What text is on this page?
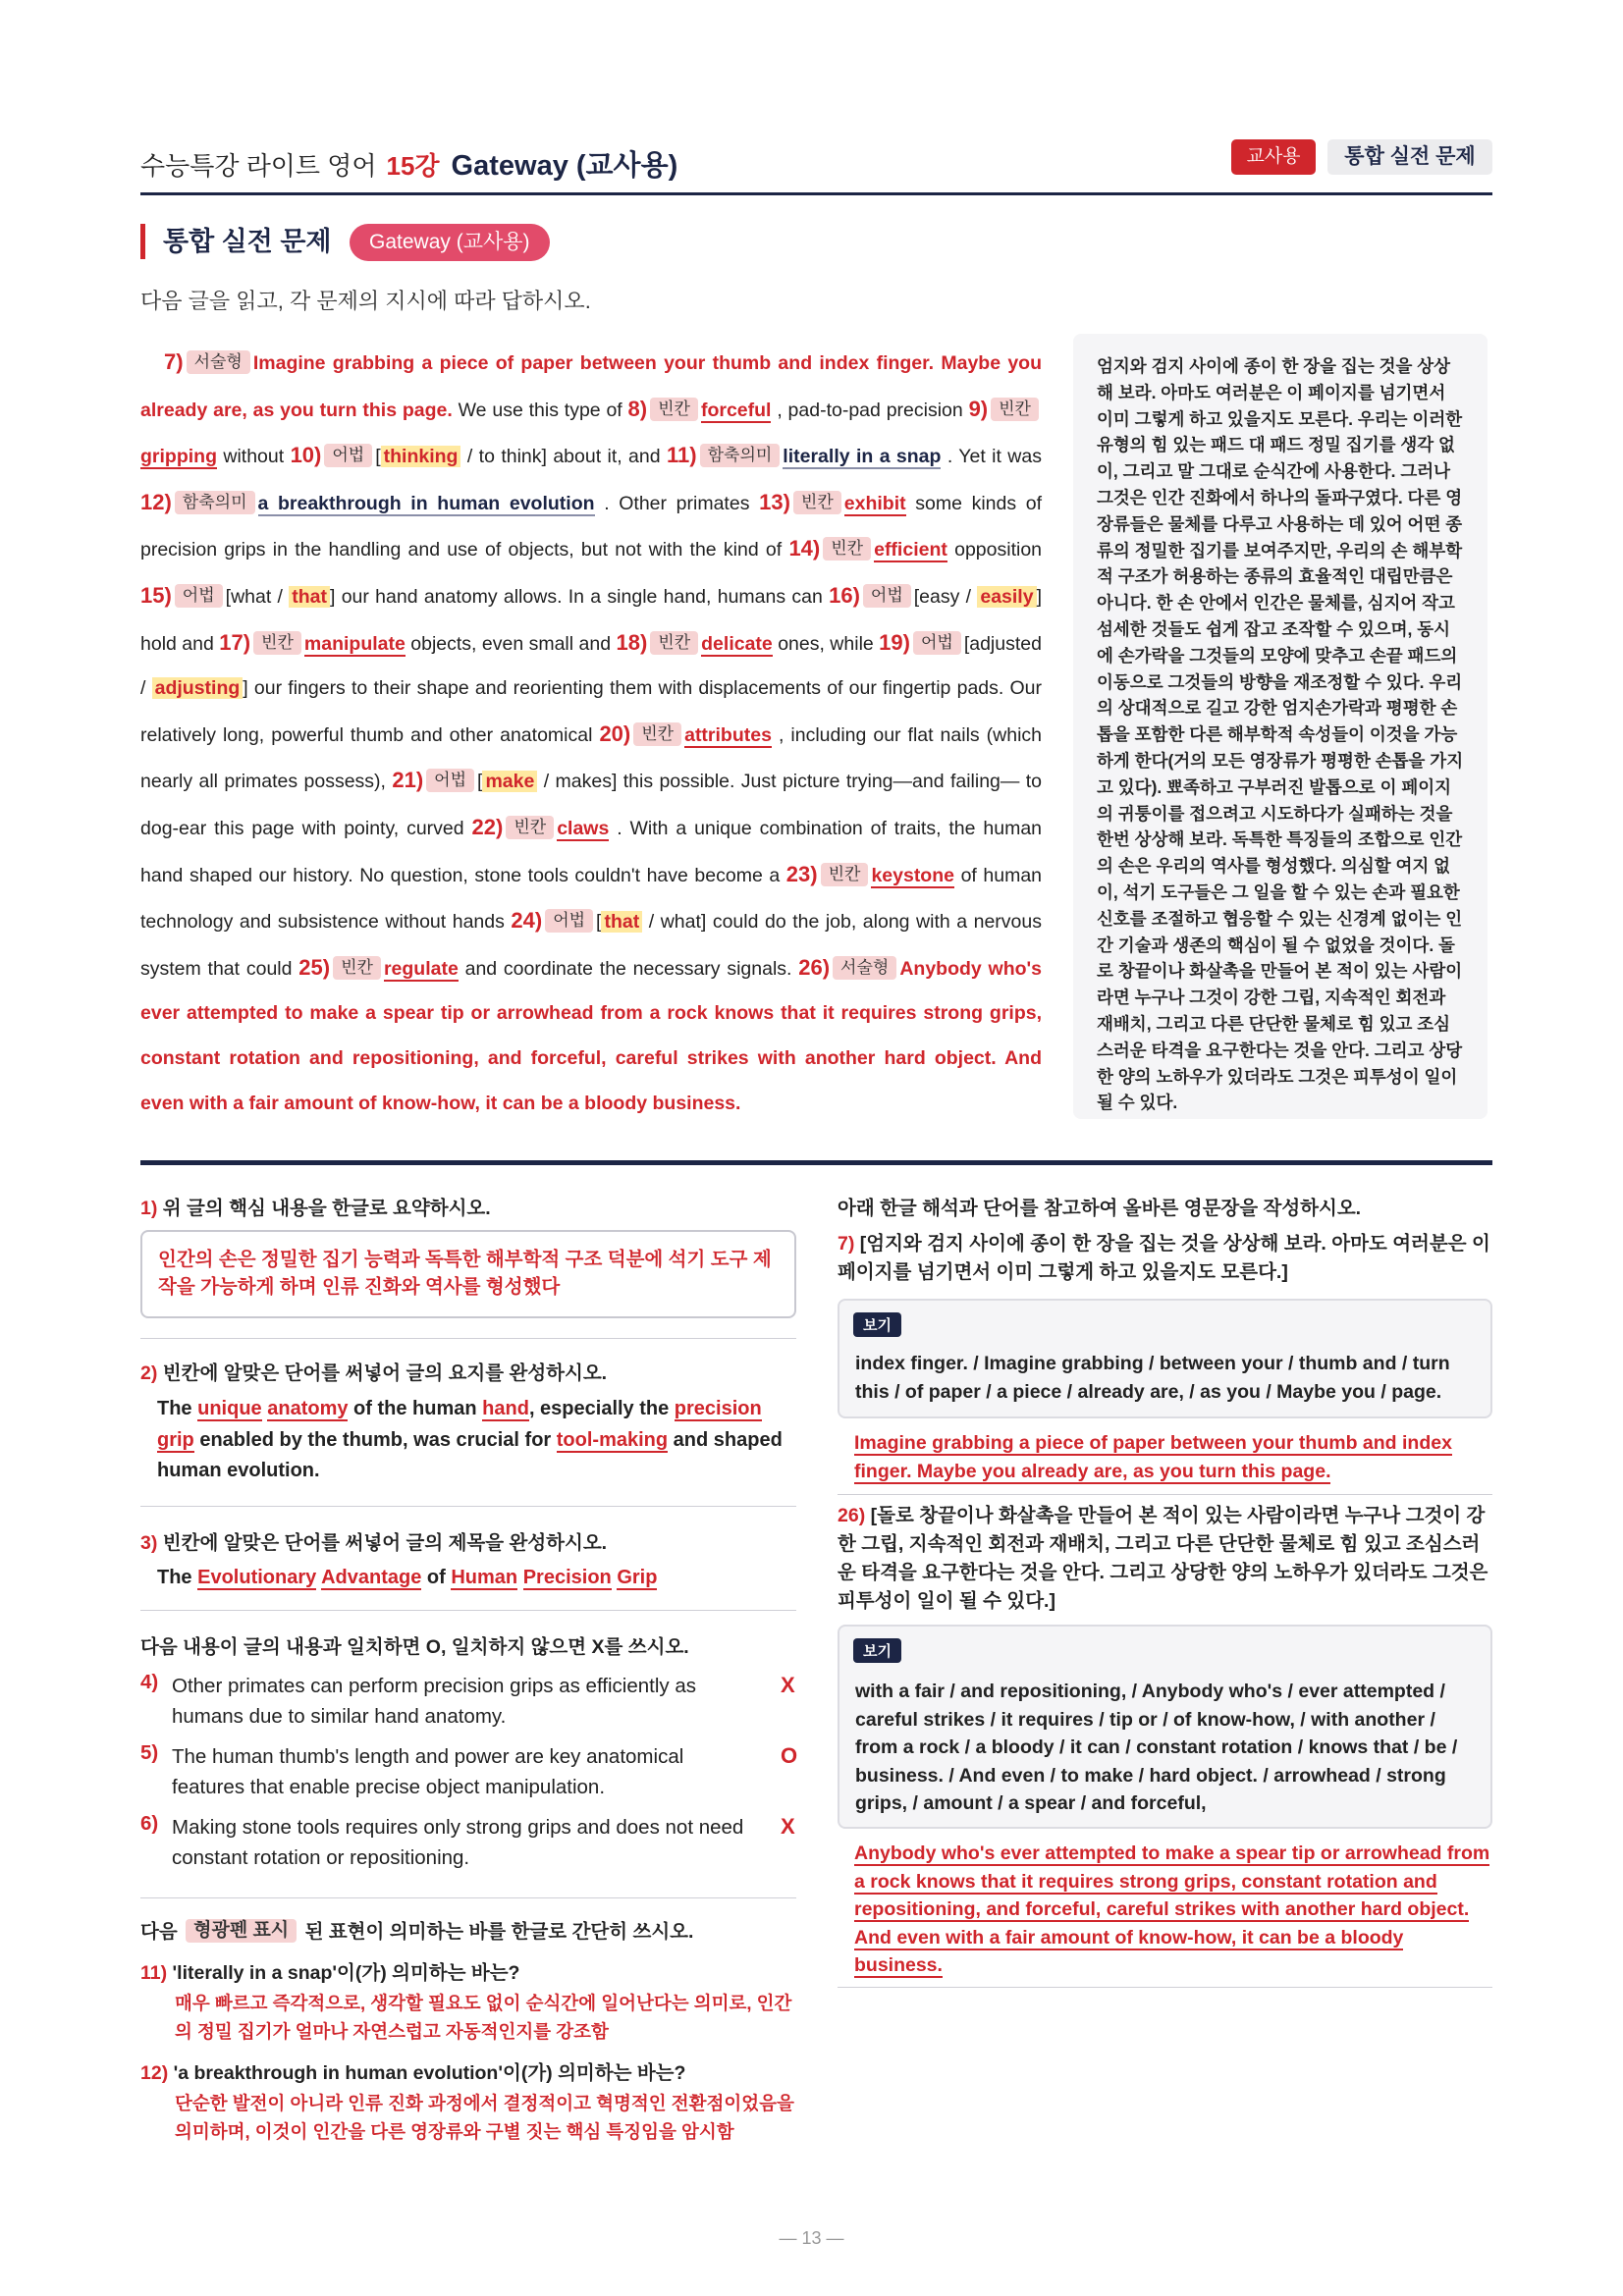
수능특강 라이트 영어 15강 Gateway (교사용)	교사용	통합 실전 문제
통합 실전 문제	Gateway (교사용)
다음 글을 읽고, 각 문제의 지시에 따라 답하시오.
7) 서술형 Imagine grabbing a piece of paper between your thumb and index finger. Maybe you already are, as you turn this page. We use this type of 8) 빈칸 forceful , pad-to-pad precision 9) 빈칸gripping without 10) 어법 [ thinking / to think] about it, and 11) 함축의미 literally in a snap . Yet it was 12) 함축의미 a breakthrough in human evolution . Other primates 13) 빈칸 exhibit some kinds of precision grips in the handling and use of objects, but not with the kind of 14) 빈칸 efficient opposition 15) 어법 [what / that ] our hand anatomy allows. In a single hand, humans can 16) 어법 [easy / easily ] hold and 17) 빈칸 manipulate objects, even small and 18) 빈칸 delicate ones, while 19) 어법 [adjusted / adjusting ] our fingers to their shape and reorienting them with displacements of our fingertip pads. Our relatively long, powerful thumb and other anatomical 20) 빈칸 attributes , including our flat nails (which nearly all primates possess), 21) 어법 [ make / makes] this possible. Just picture trying—and failing— to dog-ear this page with pointy, curved 22) 빈칸 claws . With a unique combination of traits, the human hand shaped our history. No question, stone tools couldn't have become a 23) 빈칸 keystone of human technology and subsistence without hands 24) 어법 [ that / what] could do the job, along with a nervous system that could 25) 빈칸 regulate and coordinate the necessary signals. 26) 서술형 Anybody who's ever attempted to make a spear tip or arrowhead from a rock knows that it requires strong grips, constant rotation and repositioning, and forceful, careful strikes with another hard object. And even with a fair amount of know-how, it can be a bloody business.
엄지와 검지 사이에 종이 한 장을 집는 것을 상상해 보라. 아마도 여러분은 이 페이지를 넘기면서 이미 그렇게 하고 있을지도 모른다. 우리는 이러한 유형의 힘 있는 패드 대 패드 정밀 집기를 생각 없이, 그리고 말 그대로 순식간에 사용한다. 그러나 그것은 인간 진화에서 하나의 돌파구였다. 다른 영장류들은 물체를 다루고 사용하는 데 있어 어떤 종류의 정밀한 집기를 보여주지만, 우리의 손 해부학적 구조가 허용하는 종류의 효율적인 대립만큼은 아니다. 한 손 안에서 인간은 물체를, 심지어 작고 섬세한 것들도 쉽게 잡고 조작할 수 있으며, 동시에 손가락을 그것들의 모양에 맞추고 손끝 패드의 이동으로 그것들의 방향을 재조정할 수 있다. 우리의 상대적으로 길고 강한 엄지손가락과 평평한 손톱을 포함한 다른 해부학적 속성들이 이것을 가능하게 한다(거의 모든 영장류가 평평한 손톱을 가지고 있다). 뾰족하고 구부러진 발톱으로 이 페이지의 귀퉁이를 접으려고 시도하다가 실패하는 것을 한번 상상해 보라. 독특한 특징들의 조합으로 인간의 손은 우리의 역사를 형성했다. 의심할 여지 없이, 석기 도구들은 그 일을 할 수 있는 손과 필요한 신호를 조절하고 협응할 수 있는 신경계 없이는 인간 기술과 생존의 핵심이 될 수 없었을 것이다. 돌로 창끝이나 화살촉을 만들어 본 적이 있는 사람이라면 누구나 그것이 강한 그립, 지속적인 회전과 재배치, 그리고 다른 단단한 물체로 힘 있고 조심스러운 타격을 요구한다는 것을 안다. 그리고 상당한 양의 노하우가 있더라도 그것은 피투성이 일이 될 수 있다.
1) 위 글의 핵심 내용을 한글로 요약하시오.
인간의 손은 정밀한 집기 능력과 독특한 해부학적 구조 덕분에 석기 도구 제작을 가능하게 하며 인류 진화와 역사를 형성했다
2) 빈칸에 알맞은 단어를 써넣어 글의 요지를 완성하시오.
The unique anatomy of the human hand, especially the precision grip enabled by the thumb, was crucial for tool-making and shaped human evolution.
3) 빈칸에 알맞은 단어를 써넣어 글의 제목을 완성하시오.
The Evolutionary Advantage of Human Precision Grip
다음 내용이 글의 내용과 일치하면 O, 일치하지 않으면 X를 쓰시오.
4) Other primates can perform precision grips as efficiently as humans due to similar hand anatomy.
X
5) The human thumb's length and power are key anatomical features that enable precise object manipulation.
O
6) Making stone tools requires only strong grips and does not need constant rotation or repositioning.
X
다음 형광펜 표시 된 표현이 의미하는 바를 한글로 간단히 쓰시오.
11) 'literally in a snap'이(가) 의미하는 바는?
매우 빠르고 즉각적으로, 생각할 필요도 없이 순식간에 일어난다는 의미로, 인간의 정밀 집기가 얼마나 자연스럽고 자동적인지를 강조함
12) 'a breakthrough in human evolution'이(가) 의미하는 바는?
단순한 발전이 아니라 인류 진화 과정에서 결정적이고 혁명적인 전환점이었음을 의미하며, 이것이 인간을 다른 영장류와 구별 짓는 핵심 특징임을 암시함
아래 한글 해석과 단어를 참고하여 올바른 영문장을 작성하시오.
7) [엄지와 검지 사이에 종이 한 장을 집는 것을 상상해 보라. 아마도 여러분은 이 페이지를 넘기면서 이미 그렇게 하고 있을지도 모른다.]
보기
index finger. / Imagine grabbing / between your / thumb and / turn this / of paper / a piece / already are, / as you / Maybe you / page.
Imagine grabbing a piece of paper between your thumb and index finger. Maybe you already are, as you turn this page.
26) [돌로 창끝이나 화살촉을 만들어 본 적이 있는 사람이라면 누구나 그것이 강한 그립, 지속적인 회전과 재배치, 그리고 다른 단단한 물체로 힘 있고 조심스러운 타격을 요구한다는 것을 안다. 그리고 상당한 양의 노하우가 있더라도 그것은 피투성이 일이 될 수 있다.]
보기
with a fair / and repositioning, / Anybody who's / ever attempted / careful strikes / it requires / tip or / of know-how, / with another / from a rock / a bloody / it can / constant rotation / knows that / be / business. / And even / to make / hard object. / arrowhead / strong grips, / amount / a spear / and forceful,
Anybody who's ever attempted to make a spear tip or arrowhead from a rock knows that it requires strong grips, constant rotation and repositioning, and forceful, careful strikes with another hard object. And even with a fair amount of know-how, it can be a bloody business.
— 13 —
